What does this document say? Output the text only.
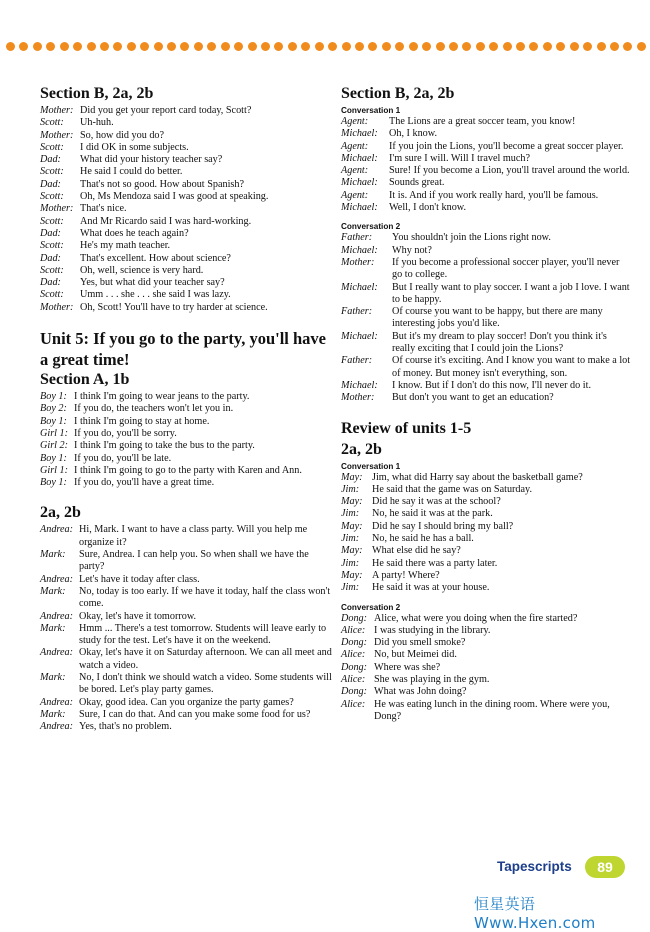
Section B, 2a, 2b
Mother: Did you get your report card today, Scott?
Scott:	Uh-huh.
Mother: So, how did you do?
Scott:	I did OK in some subjects.
Dad:	What did your history teacher say?
Scott:	He said I could do better.
Dad:	That's not so good. How about Spanish?
Scott:	Oh, Ms Mendoza said I was good at speaking.
Mother: That's nice.
Scott:	And Mr Ricardo said I was hard-working.
Dad:	What does he teach again?
Scott:	He's my math teacher.
Dad:	That's excellent. How about science?
Scott:	Oh, well, science is very hard.
Dad:	Yes, but what did your teacher say?
Scott:	Umm . . . she . . . she said I was lazy.
Mother: Oh, Scott! You'll have to try harder at science.
Unit 5: If you go to the party, you'll have a great time!
Section A, 1b
Boy 1: I think I'm going to wear jeans to the party.
Boy 2: If you do, the teachers won't let you in.
Boy 1: I think I'm going to stay at home.
Girl 1: If you do, you'll be sorry.
Girl 2: I think I'm going to take the bus to the party.
Boy 1: If you do, you'll be late.
Girl 1: I think I'm going to go to the party with Karen and Ann.
Boy 1: If you do, you'll have a great time.
2a, 2b
Andrea: Hi, Mark. I want to have a class party. Will you help me organize it?
Mark:	Sure, Andrea. I can help you. So when shall we have the party?
Andrea: Let's have it today after class.
Mark:	No, today is too early. If we have it today, half the class won't come.
Andrea: Okay, let's have it tomorrow.
Mark:	Hmm ... There's a test tomorrow. Students will leave early to study for the test. Let's have it on the weekend.
Andrea: Okay, let's have it on Saturday afternoon. We can all meet and watch a video.
Mark:	No, I don't think we should watch a video. Some students will be bored. Let's play party games.
Andrea: Okay, good idea. Can you organize the party games?
Mark:	Sure, I can do that. And can you make some food for us?
Andrea: Yes, that's no problem.
Section B, 2a, 2b
Conversation 1
Agent:	The Lions are a great soccer team, you know!
Michael:	Oh, I know.
Agent:	If you join the Lions, you'll become a great soccer player.
Michael:	I'm sure I will. Will I travel much?
Agent:	Sure! If you become a Lion, you'll travel around the world.
Michael:	Sounds great.
Agent:	It is. And if you work really hard, you'll be famous.
Michael:	Well, I don't know.
Conversation 2
Father:	You shouldn't join the Lions right now.
Michael:	Why not?
Mother:	If you become a professional soccer player, you'll never go to college.
Michael:	But I really want to play soccer. I want a job I love. I want to be happy.
Father:	Of course you want to be happy, but there are many interesting jobs you'd like.
Michael:	But it's my dream to play soccer! Don't you think it's really exciting that I could join the Lions?
Father:	Of course it's exciting. And I know you want to make a lot of money. But money isn't everything, son.
Michael:	I know. But if I don't do this now, I'll never do it.
Mother:	But don't you want to get an education?
Review of units 1-5
2a, 2b
Conversation 1
May: Jim, what did Harry say about the basketball game?
Jim:	He said that the game was on Saturday.
May: Did he say it was at the school?
Jim:	No, he said it was at the park.
May: Did he say I should bring my ball?
Jim:	No, he said he has a ball.
May: What else did he say?
Jim:	He said there was a party later.
May: A party! Where?
Jim:	He said it was at your house.
Conversation 2
Dong: Alice, what were you doing when the fire started?
Alice: I was studying in the library.
Dong: Did you smell smoke?
Alice: No, but Meimei did.
Dong: Where was she?
Alice: She was playing in the gym.
Dong: What was John doing?
Alice: He was eating lunch in the dining room. Where were you, Dong?
Tapescripts	89
恒星英语 Www.Hxen.com
